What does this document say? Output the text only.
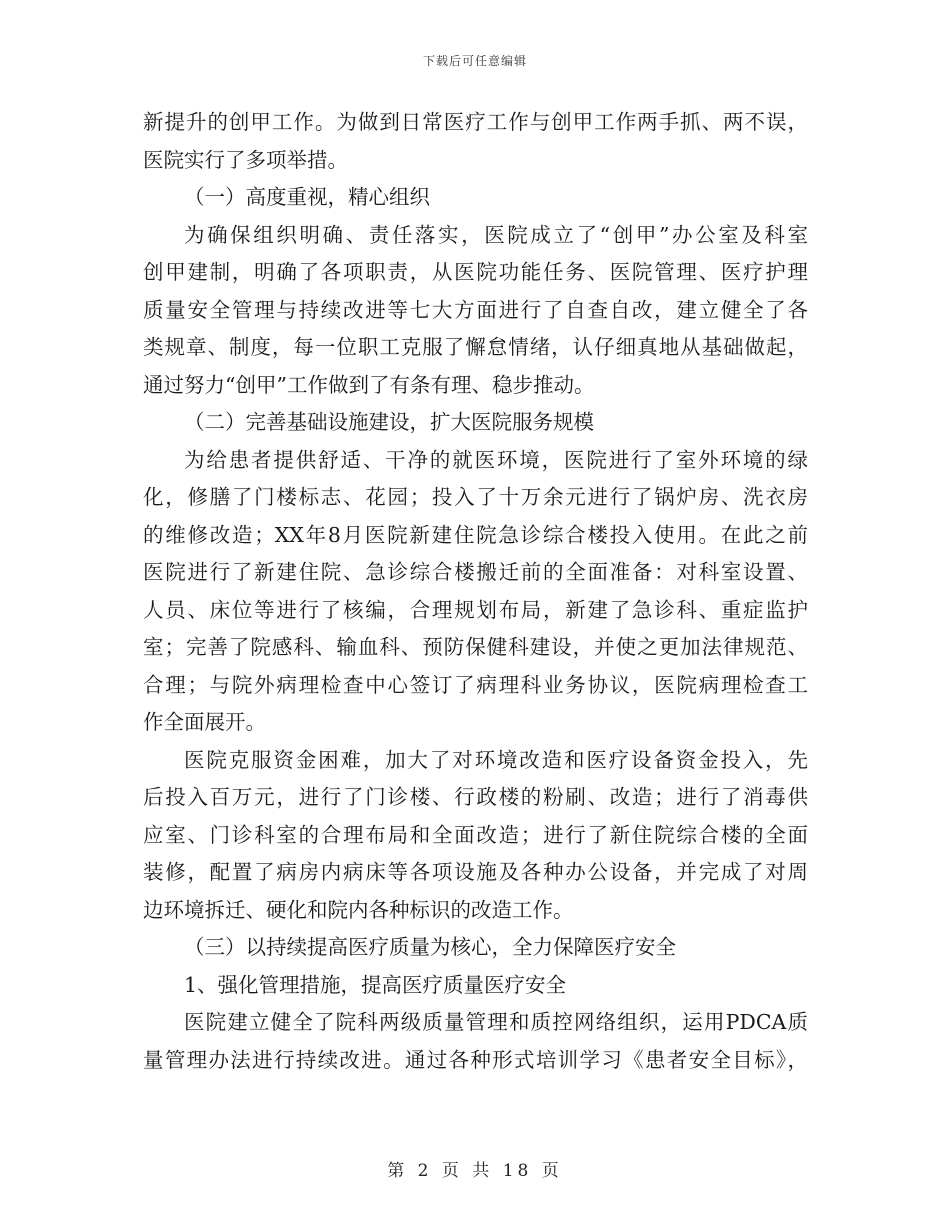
下载后可任意编辑

新提升的创甲工作。为做到日常医疗工作与创甲工作两手抓、两不误，
医院实行了多项举措。

（一）高度重视，精心组织

为确保组织明确、责任落实，医院成立了“创甲”办公室及科室
创甲建制，明确了各项职责，从医院功能任务、医院管理、医疗护理
质量安全管理与持续改进等七大方面进行了自查自改，建立健全了各
类规章、制度，每一位职工克服了懈怠情绪，认仔细真地从基础做起，
通过努力“创甲”工作做到了有条有理、稳步推动。

（二）完善基础设施建设，扩大医院服务规模

为给患者提供舒适、干净的就医环境，医院进行了室外环境的绿
化，修膳了门楼标志、花园；投入了十万余元进行了锅炉房、洗衣房
的维修改造；XX年8月医院新建住院急诊综合楼投入使用。在此之前
医院进行了新建住院、急诊综合楼搬迁前的全面准备：对科室设置、
人员、床位等进行了核编，合理规划布局，新建了急诊科、重症监护
室；完善了院感科、输血科、预防保健科建设，并使之更加法律规范、
合理；与院外病理检查中心签订了病理科业务协议，医院病理检查工
作全面展开。

医院克服资金困难，加大了对环境改造和医疗设备资金投入，先
后投入百万元，进行了门诊楼、行政楼的粉刷、改造；进行了消毒供
应室、门诊科室的合理布局和全面改造；进行了新住院综合楼的全面
装修，配置了病房内病床等各项设施及各种办公设备，并完成了对周
边环境拆迁、硬化和院内各种标识的改造工作。

（三）以持续提高医疗质量为核心，全力保障医疗安全

1、强化管理措施，提高医疗质量医疗安全

医院建立健全了院科两级质量管理和质控网络组织，运用PDCA质
量管理办法进行持续改进。通过各种形式培训学习《患者安全目标》，

第 2 页 共 18 页
